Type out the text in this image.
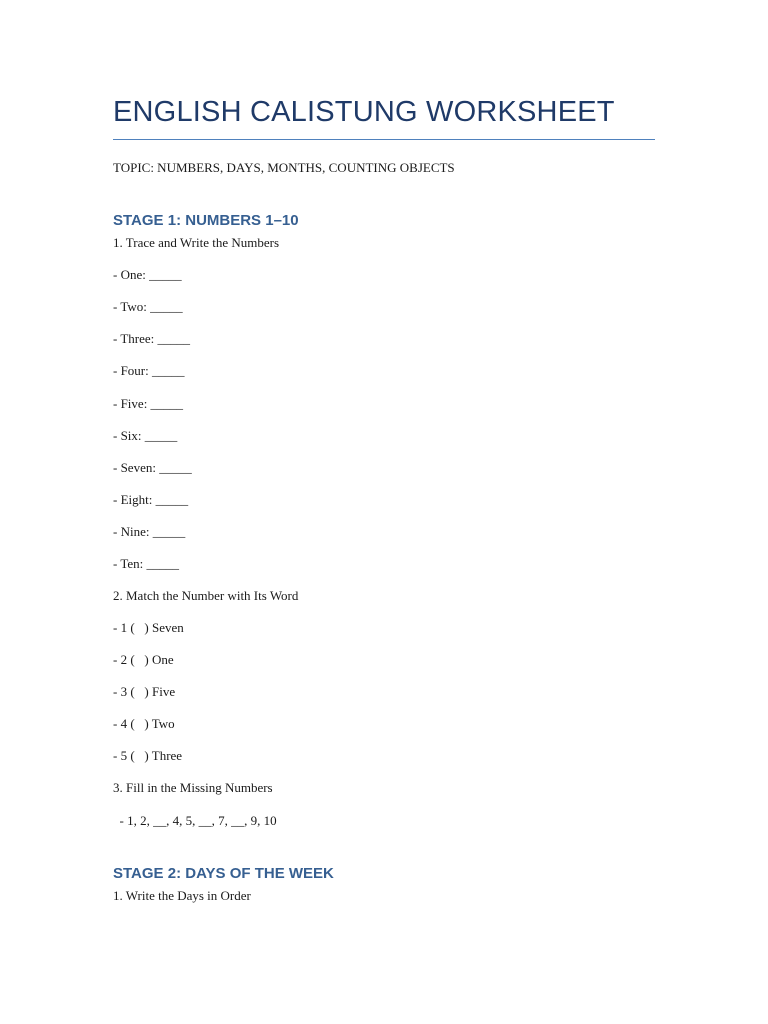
ENGLISH CALISTUNG WORKSHEET
TOPIC: NUMBERS, DAYS, MONTHS, COUNTING OBJECTS
STAGE 1: NUMBERS 1–10
1. Trace and Write the Numbers
- One: _____
- Two: _____
- Three: _____
- Four: _____
- Five: _____
- Six: _____
- Seven: _____
- Eight: _____
- Nine: _____
- Ten: _____
2. Match the Number with Its Word
- 1 (   ) Seven
- 2 (   ) One
- 3 (   ) Five
- 4 (   ) Two
- 5 (   ) Three
3. Fill in the Missing Numbers
- 1, 2, __, 4, 5, __, 7, __, 9, 10
STAGE 2: DAYS OF THE WEEK
1. Write the Days in Order
